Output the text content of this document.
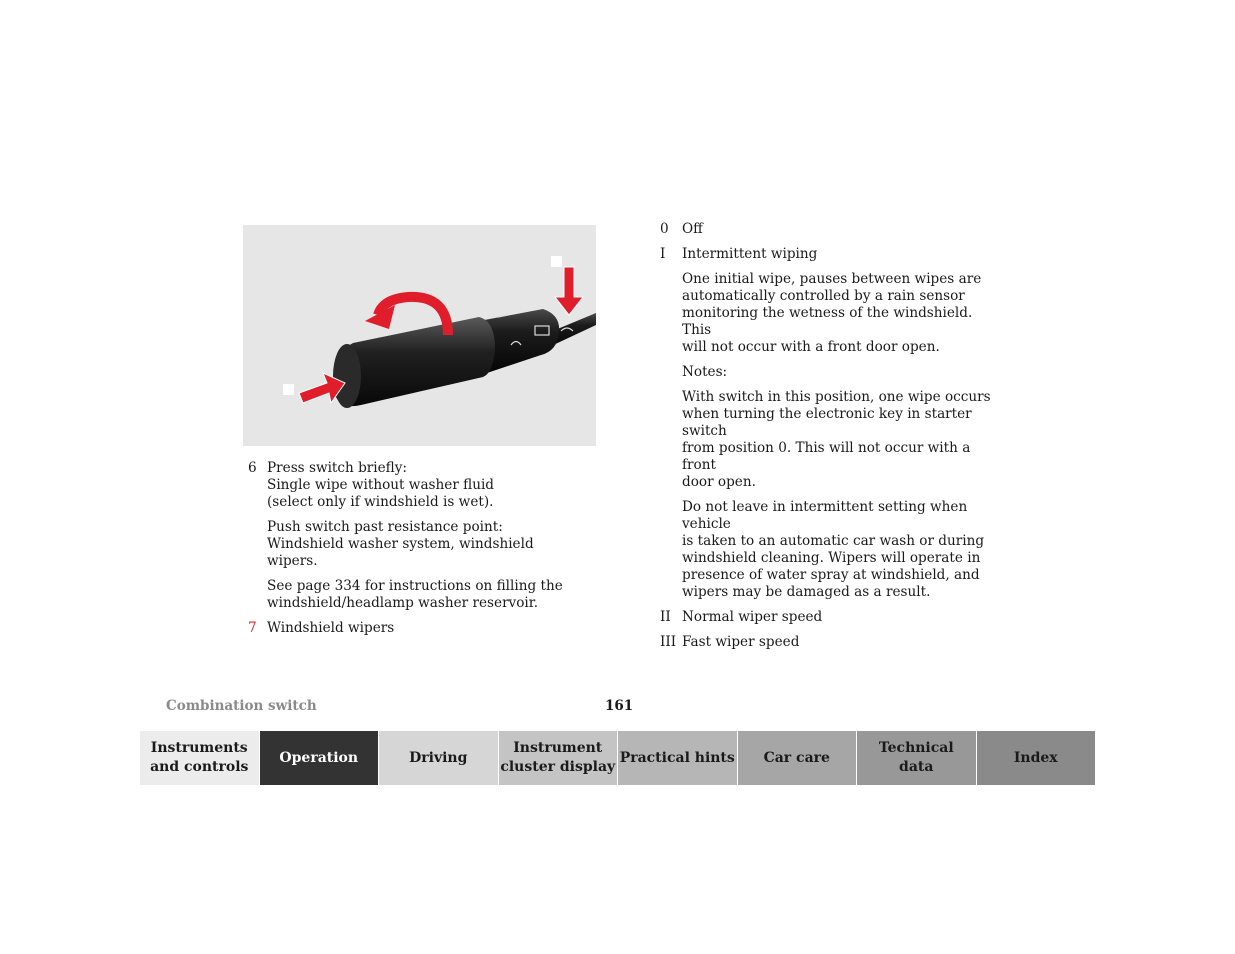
6 Press switch briefly:
Single wipe without washer fluid
(select only if windshield is wet).
Push switch past resistance point:
Windshield washer system, windshield wipers.
See page 334 for instructions on filling the
windshield/headlamp washer reservoir.
7 Windshield wipers
0 Off
I	Intermittent wiping
One initial wipe, pauses between wipes are
automatically controlled by a rain sensor
monitoring the wetness of the windshield. This
will not occur with a front door open.
Notes:
With switch in this position, one wipe occurs
when turning the electronic key in starter switch
from position 0. This will not occur with a front
door open.
Do not leave in intermittent setting when vehicle
is taken to an automatic car wash or during
windshield cleaning. Wipers will operate in
presence of water spray at windshield, and
wipers may be damaged as a result.
II Normal wiper speed
III Fast wiper speed
Combination switch	161
Instruments
and controls
Operation	Driving
Instrument
cluster display
Practical hints Car care
Technical
data
Index
